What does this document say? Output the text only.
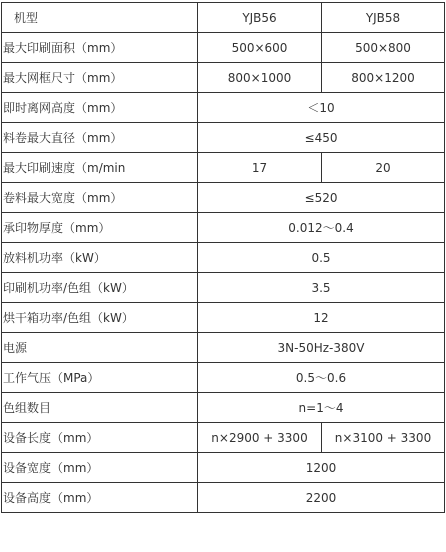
机型	YJB56	YJB58
最大印刷面积（mm）	500×600	500×800
最大网框尺寸（mm）	800×1000	800×1200
即时离网高度（mm）	＜10	
料卷最大直径（mm）	≤450	
最大印刷速度（m/min	17	20
卷料最大宽度（mm）	≤520	
承印物厚度（mm）	0.012～0.4	
放料机功率（kW）	0.5	
印刷机功率/色组（kW）	3.5	
烘干箱功率/色组（kW）	12	
电源	3N-50Hz-380V	
工作气压（MPa）	0.5～0.6	
色组数目	n=1～4	
设备长度（mm）	n×2900 + 3300	n×3100 + 3300
设备宽度（mm）	1200	
设备高度（mm）	2200	
